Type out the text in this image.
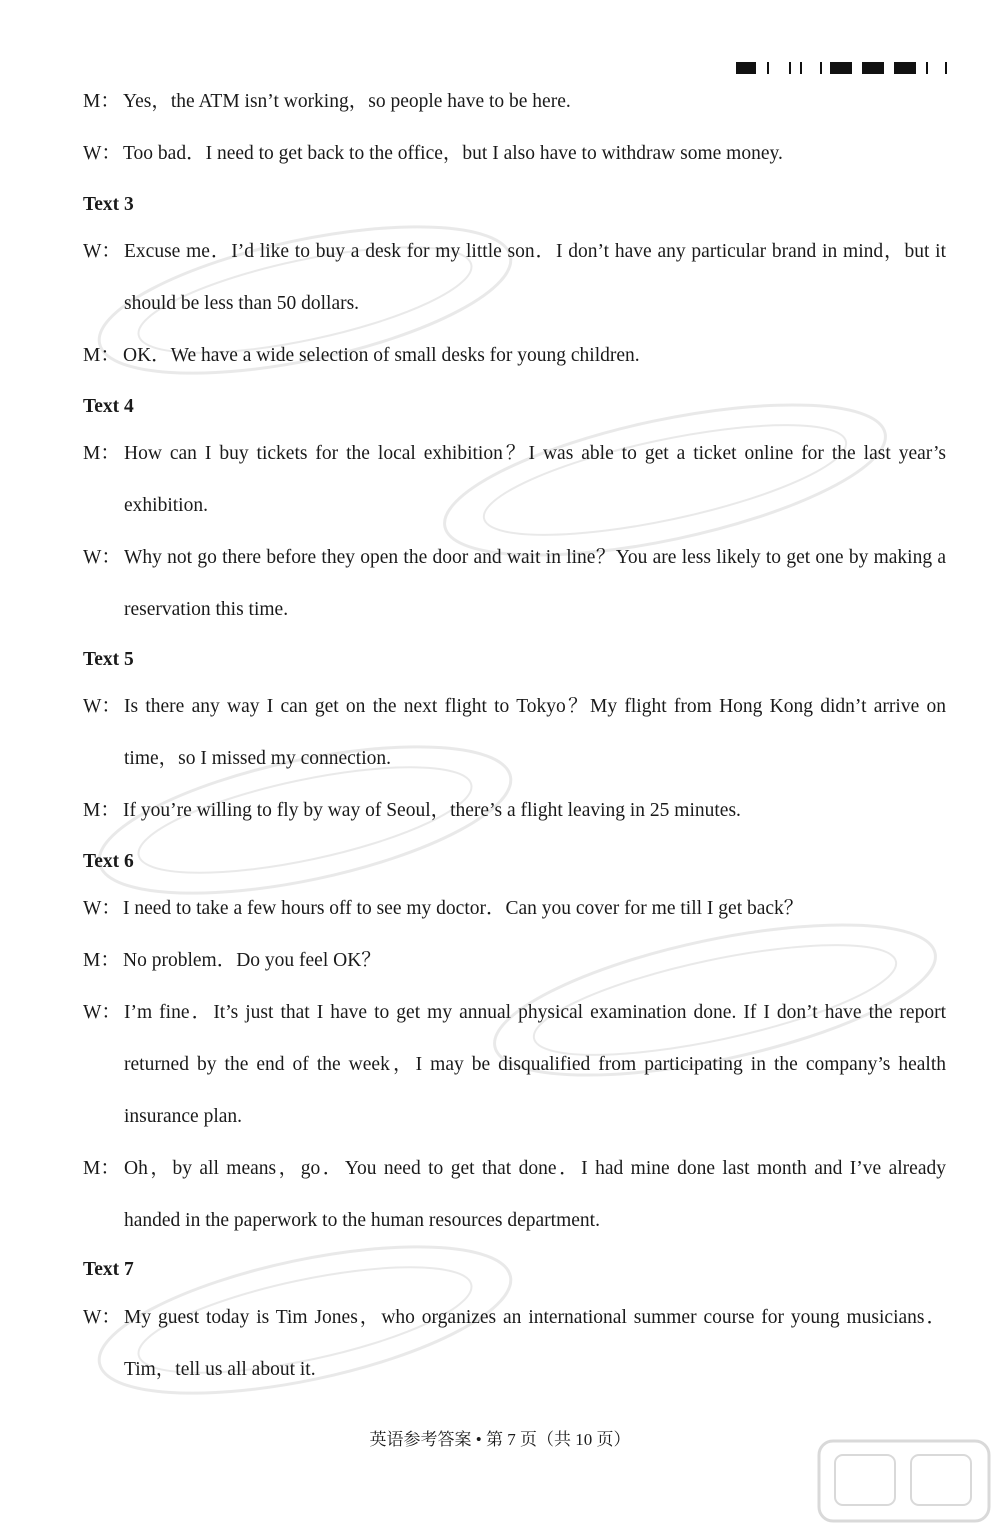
M： Yes，the ATM isn’t working，so people have to be here.

W： Too bad．I need to get back to the office，but I also have to withdraw some money.

Text 3

W： Excuse me．I’d like to buy a desk for my little son．I don’t have any particular brand in mind，but it should be less than 50 dollars.

M： OK．We have a wide selection of small desks for young children.

Text 4

M： How can I buy tickets for the local exhibition？I was able to get a ticket online for the last year’s exhibition.

W： Why not go there before they open the door and wait in line？You are less likely to get one by making a reservation this time.

Text 5

W： Is there any way I can get on the next flight to Tokyo？My flight from Hong Kong didn’t arrive on time，so I missed my connection.

M： If you’re willing to fly by way of Seoul，there’s a flight leaving in 25 minutes.

Text 6

W： I need to take a few hours off to see my doctor．Can you cover for me till I get back？

M： No problem．Do you feel OK？

W： I’m fine．It’s just that I have to get my annual physical examination done. If I don’t have the report returned by the end of the week，I may be disqualified from participating in the company’s health insurance plan.

M： Oh，by all means，go．You need to get that done．I had mine done last month and I’ve already handed in the paperwork to the human resources department.

Text 7

W： My guest today is Tim Jones，who organizes an international summer course for young musicians．Tim，tell us all about it.

英语参考答案 • 第 7 页（共 10 页）
